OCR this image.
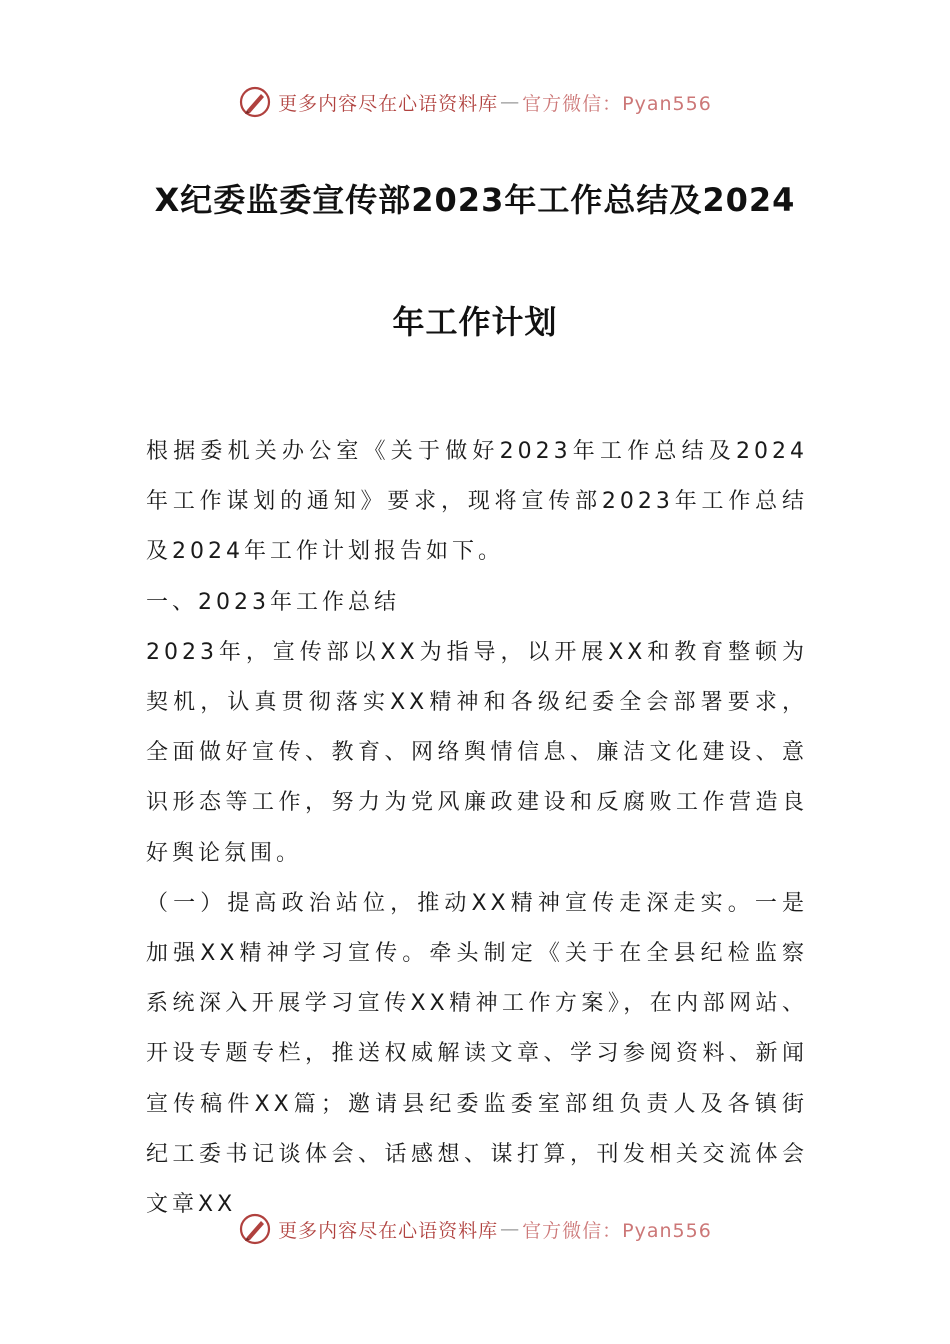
更多内容尽在心语资料库 — 官方微信：Pyan556
X纪委监委宣传部2023年工作总结及2024
年工作计划

根据委机关办公室《关于做好2023年工作总结及2024年工作谋划的通知》要求，现将宣传部2023年工作总结及2024年工作计划报告如下。

一、2023年工作总结

2023年，宣传部以XX为指导，以开展XX和教育整顿为契机，认真贯彻落实XX精神和各级纪委全会部署要求，全面做好宣传、教育、网络舆情信息、廉洁文化建设、意识形态等工作，努力为党风廉政建设和反腐败工作营造良好舆论氛围。

（一）提高政治站位，推动XX精神宣传走深走实。一是加强XX精神学习宣传。牵头制定《关于在全县纪检监察系统深入开展学习宣传XX精神工作方案》，在内部网站、开设专题专栏，推送权威解读文章、学习参阅资料、新闻宣传稿件XX篇；邀请县纪委监委室部组负责人及各镇街纪工委书记谈体会、话感想、谋打算，刊发相关交流体会文章XX

更多内容尽在心语资料库 — 官方微信：Pyan556
